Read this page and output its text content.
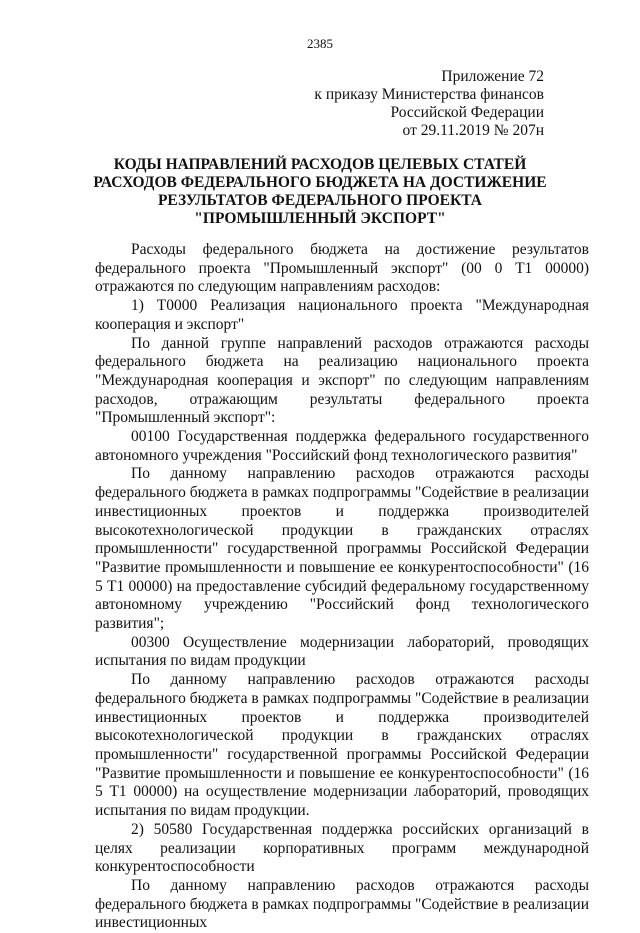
2385
Приложение 72
к приказу Министерства финансов
Российской Федерации
от 29.11.2019 № 207н
КОДЫ НАПРАВЛЕНИЙ РАСХОДОВ ЦЕЛЕВЫХ СТАТЕЙ
РАСХОДОВ ФЕДЕРАЛЬНОГО БЮДЖЕТА НА ДОСТИЖЕНИЕ
РЕЗУЛЬТАТОВ ФЕДЕРАЛЬНОГО ПРОЕКТА
"ПРОМЫШЛЕННЫЙ ЭКСПОРТ"

Расходы федерального бюджета на достижение результатов федерального проекта "Промышленный экспорт" (00 0 Т1 00000) отражаются по следующим направлениям расходов:

1) Т0000 Реализация национального проекта "Международная кооперация и экспорт"

По данной группе направлений расходов отражаются расходы федерального бюджета на реализацию национального проекта "Международная кооперация и экспорт" по следующим направлениям расходов, отражающим результаты федерального проекта "Промышленный экспорт":

00100 Государственная поддержка федерального государственного автономного учреждения "Российский фонд технологического развития"

По данному направлению расходов отражаются расходы федерального бюджета в рамках подпрограммы "Содействие в реализации инвестиционных проектов и поддержка производителей высокотехнологической продукции в гражданских отраслях промышленности" государственной программы Российской Федерации "Развитие промышленности и повышение ее конкурентоспособности" (16 5 Т1 00000) на предоставление субсидий федеральному государственному автономному учреждению "Российский фонд технологического развития";

00300 Осуществление модернизации лабораторий, проводящих испытания по видам продукции

По данному направлению расходов отражаются расходы федерального бюджета в рамках подпрограммы "Содействие в реализации инвестиционных проектов и поддержка производителей высокотехнологической продукции в гражданских отраслях промышленности" государственной программы Российской Федерации "Развитие промышленности и повышение ее конкурентоспособности" (16 5 Т1 00000) на осуществление модернизации лабораторий, проводящих испытания по видам продукции.

2) 50580 Государственная поддержка российских организаций в целях реализации корпоративных программ международной конкурентоспособности

По данному направлению расходов отражаются расходы федерального бюджета в рамках подпрограммы "Содействие в реализации инвестиционных
